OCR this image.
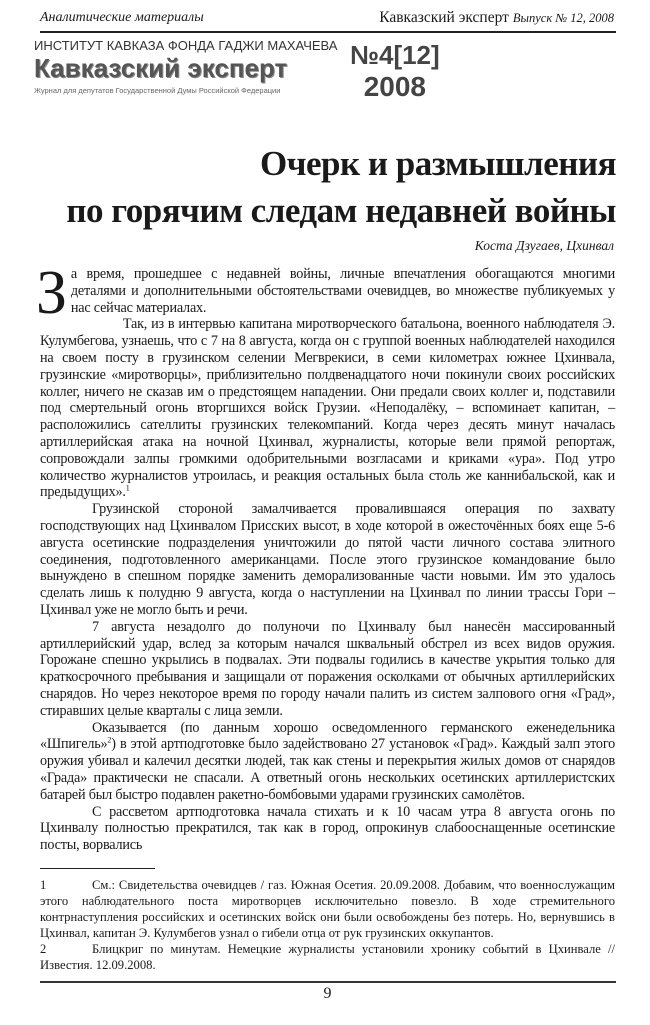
Аналитические материалы	Кавказский эксперт Выпуск № 12, 2008
ИНСТИТУТ КАВКАЗА ФОНДА ГАДЖИ МАХАЧЕВА
Кавказский эксперт
Журнал для депутатов Государственной Думы Российской Федерации
№4[12]
2008
Очерк и размышления
по горячим следам недавней войны
Коста Дзугаев, Цхинвал

За время, прошедшее с недавней войны, личные впечатления обогащаются многими деталями и дополнительными обстоятельствами очевидцев, во множестве публикуемых у нас сейчас материалах.

Так, из в интервью капитана миротворческого батальона, военного наблюдателя Э. Кулумбегова, узнаешь, что с 7 на 8 августа, когда он с группой военных наблюдателей находился на своем посту в грузинском селении Мегврекиси, в семи километрах южнее Цхинвала, грузинские «миротворцы», приблизительно полдвенадцатого ночи покинули своих российских коллег, ничего не сказав им о предстоящем нападении. Они предали своих коллег и, подставили под смертельный огонь вторгшихся войск Грузии. «Неподалёку, – вспоминает капитан, – расположились сателлиты грузинских телекомпаний. Когда через десять минут началась артиллерийская атака на ночной Цхинвал, журналисты, которые вели прямой репортаж, сопровождали залпы громкими одобрительными возгласами и криками «ура». Под утро количество журналистов утроилась, и реакция остальных была столь же каннибальской, как и предыдущих».$^1$

Грузинской стороной замалчивается провалившаяся операция по захвату господствующих над Цхинвалом Присских высот, в ходе которой в ожесточённых боях еще 5-6 августа осетинские подразделения уничтожили до пятой части личного состава элитного соединения, подготовленного американцами. После этого грузинское командование было вынуждено в спешном порядке заменить деморализованные части новыми. Им это удалось сделать лишь к полудню 9 августа, когда о наступлении на Цхинвал по линии трассы Гори – Цхинвал уже не могло быть и речи.

7 августа незадолго до полуночи по Цхинвалу был нанесён массированный артиллерийский удар, вслед за которым начался шквальный обстрел из всех видов оружия. Горожане спешно укрылись в подвалах. Эти подвалы годились в качестве укрытия только для краткосрочного пребывания и защищали от поражения осколками от обычных артиллерийских снарядов. Но через некоторое время по городу начали палить из систем залпового огня «Град», стиравших целые кварталы с лица земли.

Оказывается (по данным хорошо осведомленного германского еженедельника «Шпигель»$^2$) в этой артподготовке было задействовано 27 установок «Град». Каждый залп этого оружия убивал и калечил десятки людей, так как стены и перекрытия жилых домов от снарядов «Града» практически не спасали. А ответный огонь нескольких осетинских артиллеристских батарей был быстро подавлен ракетно-бомбовыми ударами грузинских самолётов.

С рассветом артподготовка начала стихать и к 10 часам утра 8 августа огонь по Цхинвалу полностью прекратился, так как в город, опрокинув слабооснащенные осетинские посты, ворвались

1	См.: Свидетельства очевидцев / газ. Южная Осетия. 20.09.2008. Добавим, что военнослужащим этого наблюдательного поста миротворцев исключительно повезло. В ходе стремительного контрнаступления российских и осетинских войск они были освобождены без потерь. Но, вернувшись в Цхинвал, капитан Э. Кулумбегов узнал о гибели отца от рук грузинских оккупантов.

2	Блицкриг по минутам. Немецкие журналисты установили хронику событий в Цхинвале // Известия. 12.09.2008.

9
